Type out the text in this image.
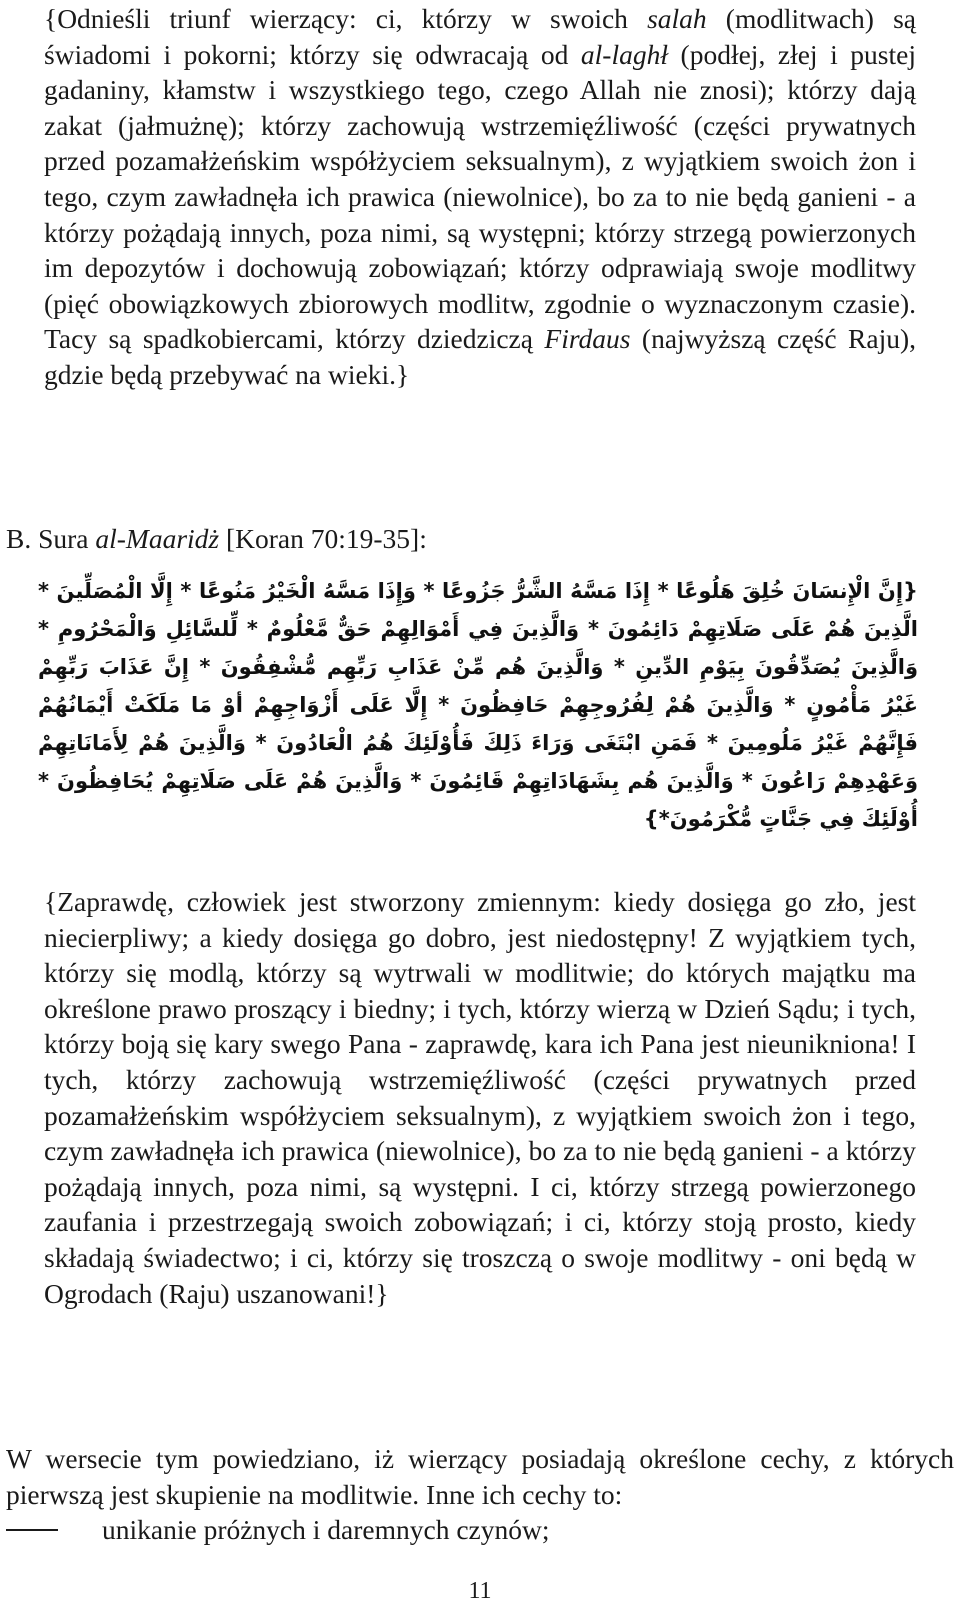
{Odnieśli triunf wierzący: ci, którzy w swoich salah (modlitwach) są świadomi i pokorni; którzy się odwracają od al-laghł (podłej, złej i pustej gadaniny, kłamstw i wszystkiego tego, czego Allah nie znosi); którzy dają zakat (jałmużnę); którzy zachowują wstrzemięźliwość (części prywatnych przed pozamałżeńskim współżyciem seksualnym), z wyjątkiem swoich żon i tego, czym zawładnęła ich prawica (niewolnice), bo za to nie będą ganieni - a którzy pożądają innych, poza nimi, są występni; którzy strzegą powierzonych im depozytów i dochowują zobowiązań; którzy odprawiają swoje modlitwy (pięć obowiązkowych zbiorowych modlitw, zgodnie o wyznaczonym czasie). Tacy są spadkobiercami, którzy dziedziczą Firdaus (najwyższą część Raju), gdzie będą przebywać na wieki.}

B. Sura al-Maaridż [Koran 70:19-35]:

{إِنَّ الْإِنسَانَ خُلِقَ هَلُوعًا * إِذَا مَسَّهُ الشَّرُّ جَزُوعًا * وَإِذَا مَسَّهُ الْخَيْرُ مَنُوعًا * إِلَّا الْمُصَلِّينَ * الَّذِينَ هُمْ عَلَى صَلَاتِهِمْ دَائِمُونَ * وَالَّذِينَ فِي أَمْوَالِهِمْ حَقٌّ مَّعْلُومٌ * لِّلسَّائِلِ وَالْمَحْرُومِ * وَالَّذِينَ يُصَدِّقُونَ بِيَوْمِ الدِّينِ * وَالَّذِينَ هُم مِّنْ عَذَابِ رَبِّهِم مُّشْفِقُونَ * إِنَّ عَذَابَ رَبِّهِمْ غَيْرُ مَأْمُونٍ * وَالَّذِينَ هُمْ لِفُرُوجِهِمْ حَافِظُونَ * إِلَّا عَلَى أَزْوَاجِهِمْ أوْ مَا مَلَكَتْ أَيْمَانُهُمْ فَإِنَّهُمْ غَيْرُ مَلُومِينَ * فَمَنِ ابْتَغَى وَرَاءَ ذَلِكَ فَأُوْلَئِكَ هُمُ الْعَادُونَ * وَالَّذِينَ هُمْ لِأَمَانَاتِهِمْ وَعَهْدِهِمْ رَاعُونَ * وَالَّذِينَ هُم بِشَهَادَاتِهِمْ قَائِمُونَ * وَالَّذِينَ هُمْ عَلَى صَلَاتِهِمْ يُحَافِظُونَ * أُوْلَئِكَ فِي جَنَّاتٍ مُّكْرَمُونَ*}

{Zaprawdę, człowiek jest stworzony zmiennym: kiedy dosięga go zło, jest niecierpliwy; a kiedy dosięga go dobro, jest niedostępny! Z wyjątkiem tych, którzy się modlą, którzy są wytrwali w modlitwie; do których majątku ma określone prawo proszący i biedny; i tych, którzy wierzą w Dzień Sądu; i tych, którzy boją się kary swego Pana - zaprawdę, kara ich Pana jest nieunikniona! I tych, którzy zachowują wstrzemięźliwość (części prywatnych przed pozamałżeńskim współżyciem seksualnym), z wyjątkiem swoich żon i tego, czym zawładnęła ich prawica (niewolnice), bo za to nie będą ganieni - a którzy pożądają innych, poza nimi, są występni. I ci, którzy strzegą powierzonego zaufania i przestrzegają swoich zobowiązań; i ci, którzy stoją prosto, kiedy składają świadectwo; i ci, którzy się troszczą o swoje modlitwy - oni będą w Ogrodach (Raju) uszanowani!}

W wersecie tym powiedziano, iż wierzący posiadają określone cechy, z których pierwszą jest skupienie na modlitwie. Inne ich cechy to:

unikanie próżnych i daremnych czynów;
11
